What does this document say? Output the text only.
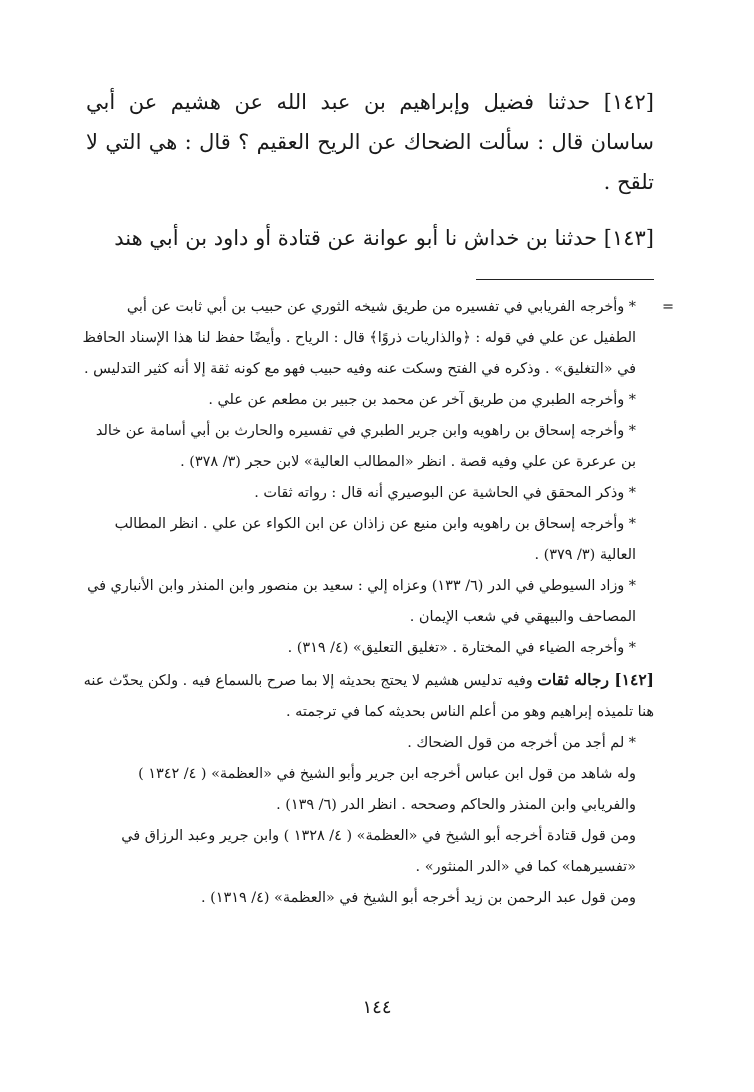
[١٤٢] حدثنا فضيل وإبراهيم بن عبد الله عن هشيم عن أبي ساسان قال : سألت الضحاك عن الريح العقيم ؟ قال : هي التي لا تلقح .

[١٤٣] حدثنا بن خداش نا أبو عوانة عن قتادة أو داود بن أبي هند

=

* وأخرجه الفريابي في تفسيره من طريق شيخه الثوري عن حبيب بن أبي ثابت عن أبي الطفيل عن علي في قوله : ﴿والذاريات ذروًا﴾ قال : الرياح . وأيضًا حفظ لنا هذا الإسناد الحافظ في «التغليق» . وذكره في الفتح وسكت عنه وفيه حبيب فهو مع كونه ثقة إلا أنه كثير التدليس .

* وأخرجه الطبري من طريق آخر عن محمد بن جبير بن مطعم عن علي .

* وأخرجه إسحاق بن راهويه وابن جرير الطبري في تفسيره والحارث بن أبي أسامة عن خالد بن عرعرة عن علي وفيه قصة . انظر «المطالب العالية» لابن حجر (٣/ ٣٧٨) .

* وذكر المحقق في الحاشية عن البوصيري أنه قال : رواته ثقات .

* وأخرجه إسحاق بن راهويه وابن منيع عن زاذان عن ابن الكواء عن علي . انظر المطالب العالية (٣/ ٣٧٩) .

* وزاد السيوطي في الدر (٦/ ١٣٣) وعزاه إلي : سعيد بن منصور وابن المنذر وابن الأنباري في المصاحف والبيهقي في شعب الإيمان .

* وأخرجه الضياء في المختارة . «تغليق التعليق» (٤/ ٣١٩) .

[١٤٢] رجاله ثقات وفيه تدليس هشيم لا يحتج بحديثه إلا بما صرح بالسماع فيه . ولكن يحدّث عنه هنا تلميذه إبراهيم وهو من أعلم الناس بحديثه كما في ترجمته .

* لم أجد من أخرجه من قول الضحاك .

وله شاهد من قول ابن عباس أخرجه ابن جرير وأبو الشيخ في «العظمة» ( ٤/ ١٣٤٢ ) والفريابي وابن المنذر والحاكم وصححه . انظر الدر (٦/ ١٣٩) .

ومن قول قتادة أخرجه أبو الشيخ في «العظمة» ( ٤/ ١٣٢٨ ) وابن جرير وعبد الرزاق في «تفسيرهما» كما في «الدر المنثور» .

ومن قول عبد الرحمن بن زيد أخرجه أبو الشيخ في «العظمة» (٤/ ١٣١٩) .

١٤٤
